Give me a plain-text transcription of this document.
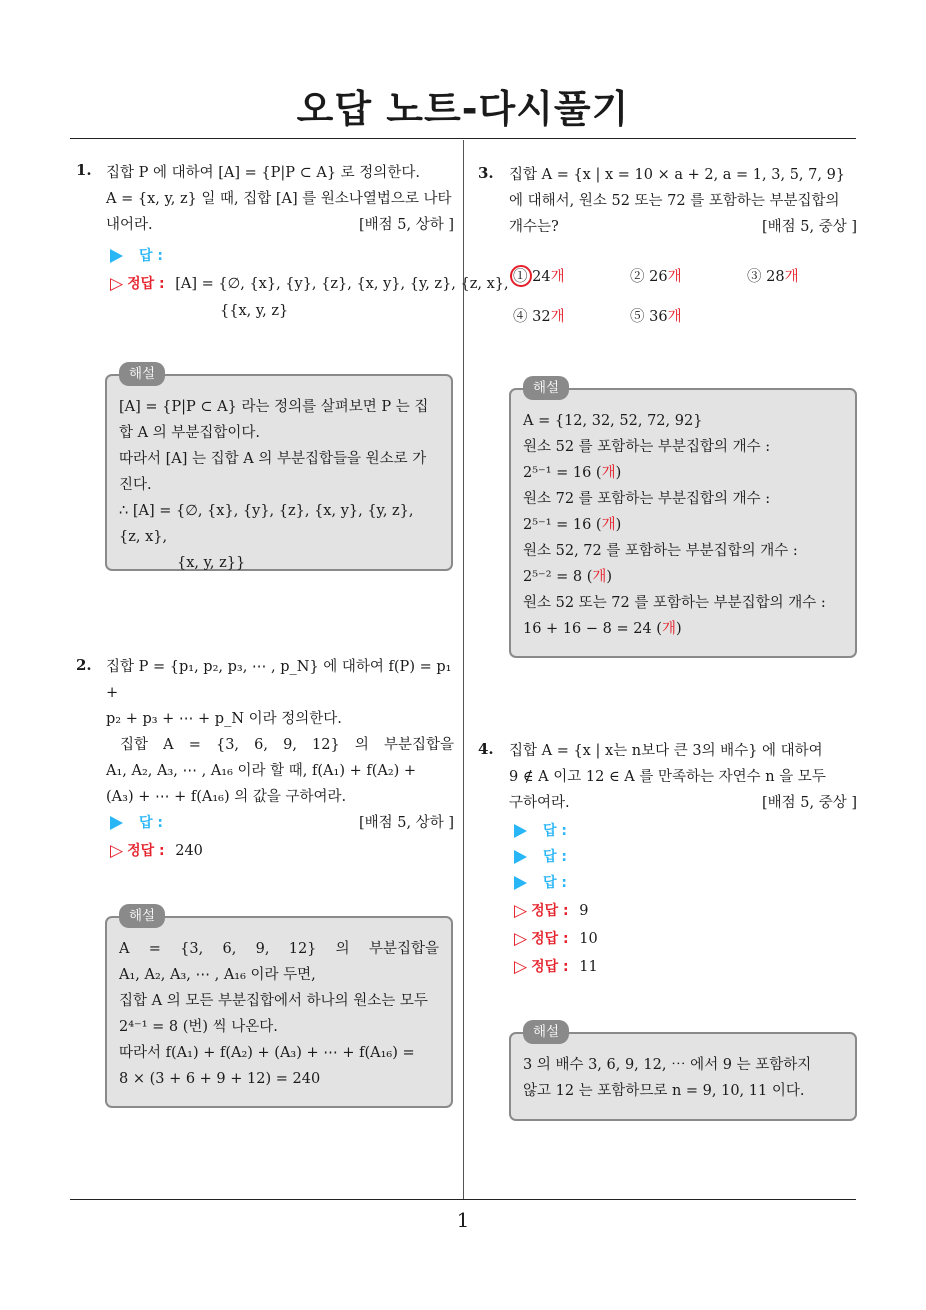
오답 노트-다시풀기
1. 집합 P 에 대하여 [A] = {P|P ⊂ A} 로 정의한다.
A = {x, y, z} 일 때, 집합 [A] 를 원소나열법으로 나타
내어라.	[배점 5, 상하 ]
답 :
▷ 정답 : [A] = {∅, {x}, {y}, {z}, {x, y}, {y, z}, {z, x},
{{x, y, z}
해설
[A] = {P|P ⊂ A} 라는 정의를 살펴보면 P 는 집
합 A 의 부분집합이다.
따라서 [A] 는 집합 A 의 부분집합들을 원소로 가
진다.
∴ [A] = {∅, {x}, {y}, {z}, {x, y}, {y, z}, {z, x},
{x, y, z}}
2. 집합 P = {p₁, p₂, p₃, ⋯ , p_N} 에 대하여 f(P) = p₁ +
p₂ + p₃ + ⋯ + p_N 이라 정의한다.
집합 A = {3, 6, 9, 12} 의 부분집합을
A₁, A₂, A₃, ⋯ , A₁₆ 이라 할 때, f(A₁) + f(A₂) +
(A₃) + ⋯ + f(A₁₆) 의 값을 구하여라.
[배점 5, 상하 ]
답 :
▷ 정답 : 240
해설
A = {3, 6, 9, 12} 의 부분집합을
A₁, A₂, A₃, ⋯ , A₁₆ 이라 두면,
집합 A 의 모든 부분집합에서 하나의 원소는 모두
2⁴⁻¹ = 8 (번) 씩 나온다.
따라서 f(A₁) + f(A₂) + (A₃) + ⋯ + f(A₁₆) =
8 × (3 + 6 + 9 + 12) = 240
3. 집합 A = {x | x = 10 × a + 2, a = 1, 3, 5, 7, 9}
에 대해서, 원소 52 또는 72 를 포함하는 부분집합의
개수는?	[배점 5, 중상 ]
① 24개	② 26개	③ 28개
④ 32개	⑤ 36개
해설
A = {12, 32, 52, 72, 92}
원소 52 를 포함하는 부분집합의 개수 :
2⁵⁻¹ = 16 (개)
원소 72 를 포함하는 부분집합의 개수 :
2⁵⁻¹ = 16 (개)
원소 52, 72 를 포함하는 부분집합의 개수 :
2⁵⁻² = 8 (개)
원소 52 또는 72 를 포함하는 부분집합의 개수 :
16 + 16 − 8 = 24 (개)
4. 집합 A = {x | x는 n보다 큰 3의 배수} 에 대하여
9 ∉ A 이고 12 ∈ A 를 만족하는 자연수 n 을 모두
구하여라.	[배점 5, 중상 ]
답 :
답 :
답 :
▷ 정답 : 9
▷ 정답 : 10
▷ 정답 : 11
해설
3 의 배수 3, 6, 9, 12, ⋯ 에서 9 는 포함하지
않고 12 는 포함하므로 n = 9, 10, 11 이다.
1
